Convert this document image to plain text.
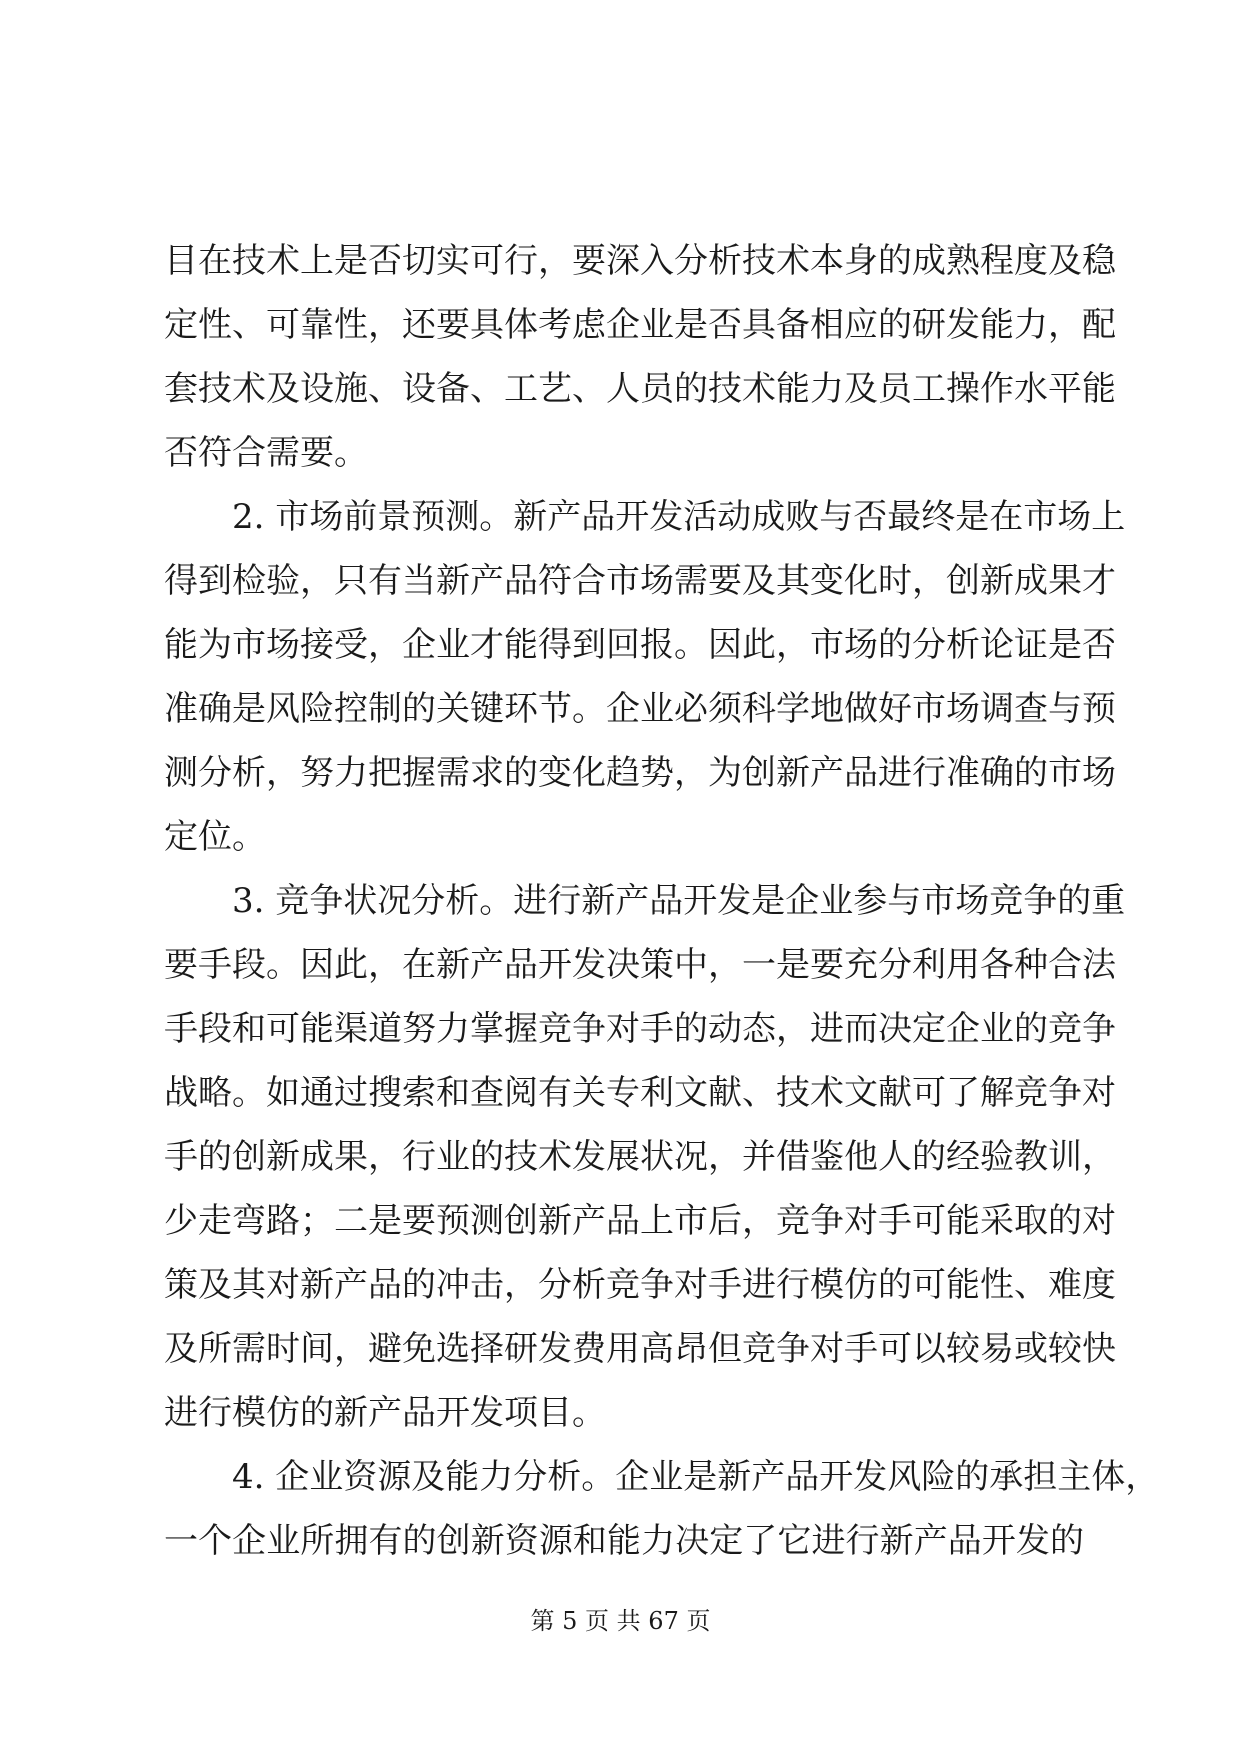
目在技术上是否切实可行，要深入分析技术本身的成熟程度及稳
定性、可靠性，还要具体考虑企业是否具备相应的研发能力，配
套技术及设施、设备、工艺、人员的技术能力及员工操作水平能
否符合需要。
2. 市场前景预测。新产品开发活动成败与否最终是在市场上
得到检验，只有当新产品符合市场需要及其变化时，创新成果才
能为市场接受，企业才能得到回报。因此，市场的分析论证是否
准确是风险控制的关键环节。企业必须科学地做好市场调查与预
测分析，努力把握需求的变化趋势，为创新产品进行准确的市场
定位。
3. 竞争状况分析。进行新产品开发是企业参与市场竞争的重
要手段。因此，在新产品开发决策中，一是要充分利用各种合法
手段和可能渠道努力掌握竞争对手的动态，进而决定企业的竞争
战略。如通过搜索和查阅有关专利文献、技术文献可了解竞争对
手的创新成果，行业的技术发展状况，并借鉴他人的经验教训，
少走弯路；二是要预测创新产品上市后，竞争对手可能采取的对
策及其对新产品的冲击，分析竞争对手进行模仿的可能性、难度
及所需时间，避免选择研发费用高昂但竞争对手可以较易或较快
进行模仿的新产品开发项目。
4. 企业资源及能力分析。企业是新产品开发风险的承担主体，
一个企业所拥有的创新资源和能力决定了它进行新产品开发的
第 5 页 共 67 页
